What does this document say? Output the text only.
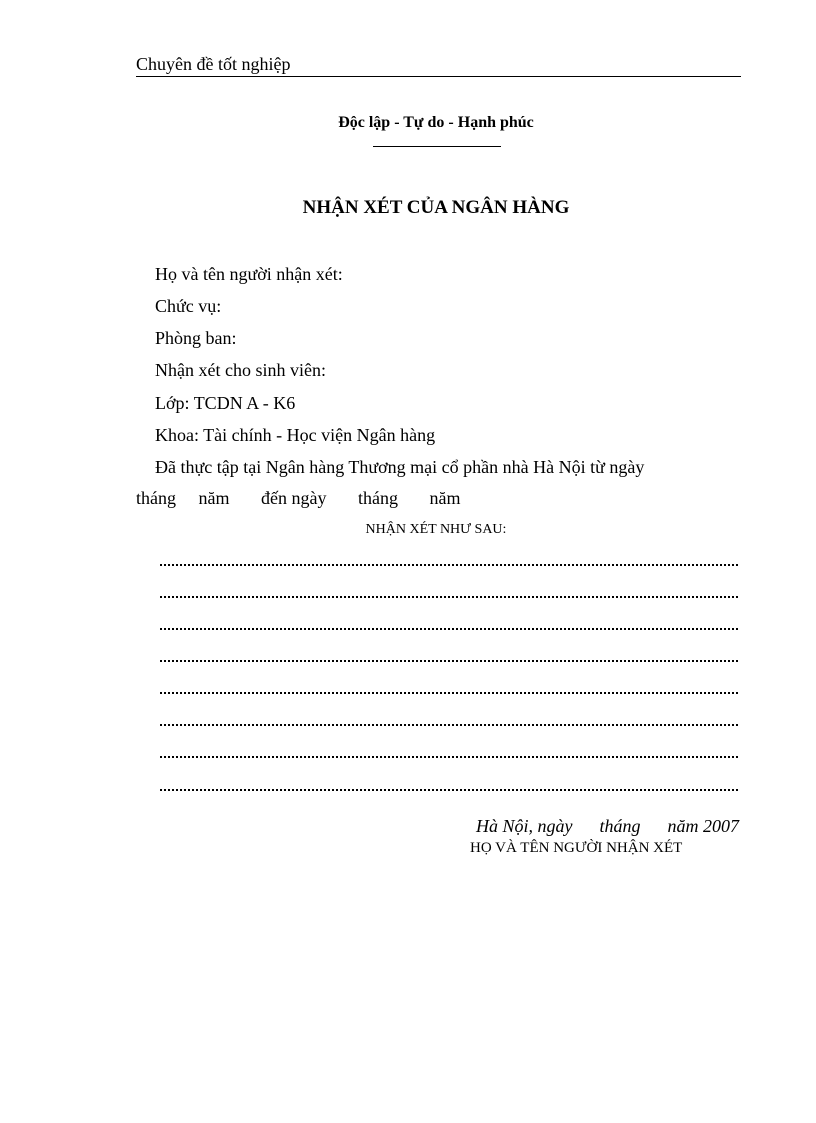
Chuyên đề tốt nghiệp
Độc lập - Tự do - Hạnh phúc
NHẬN XÉT CỦA NGÂN HÀNG
Họ và tên người nhận xét:
Chức vụ:
Phòng ban:
Nhận xét cho sinh viên:
Lớp: TCDN A - K6
Khoa: Tài chính - Học viện Ngân hàng
Đã thực tập tại Ngân hàng Thương mại cổ phần nhà Hà Nội từ ngày
tháng     năm       đến ngày       tháng       năm
NHẬN XÉT NHƯ SAU:
Hà Nội, ngày      tháng      năm 2007
HỌ VÀ TÊN NGƯỜI NHẬN XÉT
